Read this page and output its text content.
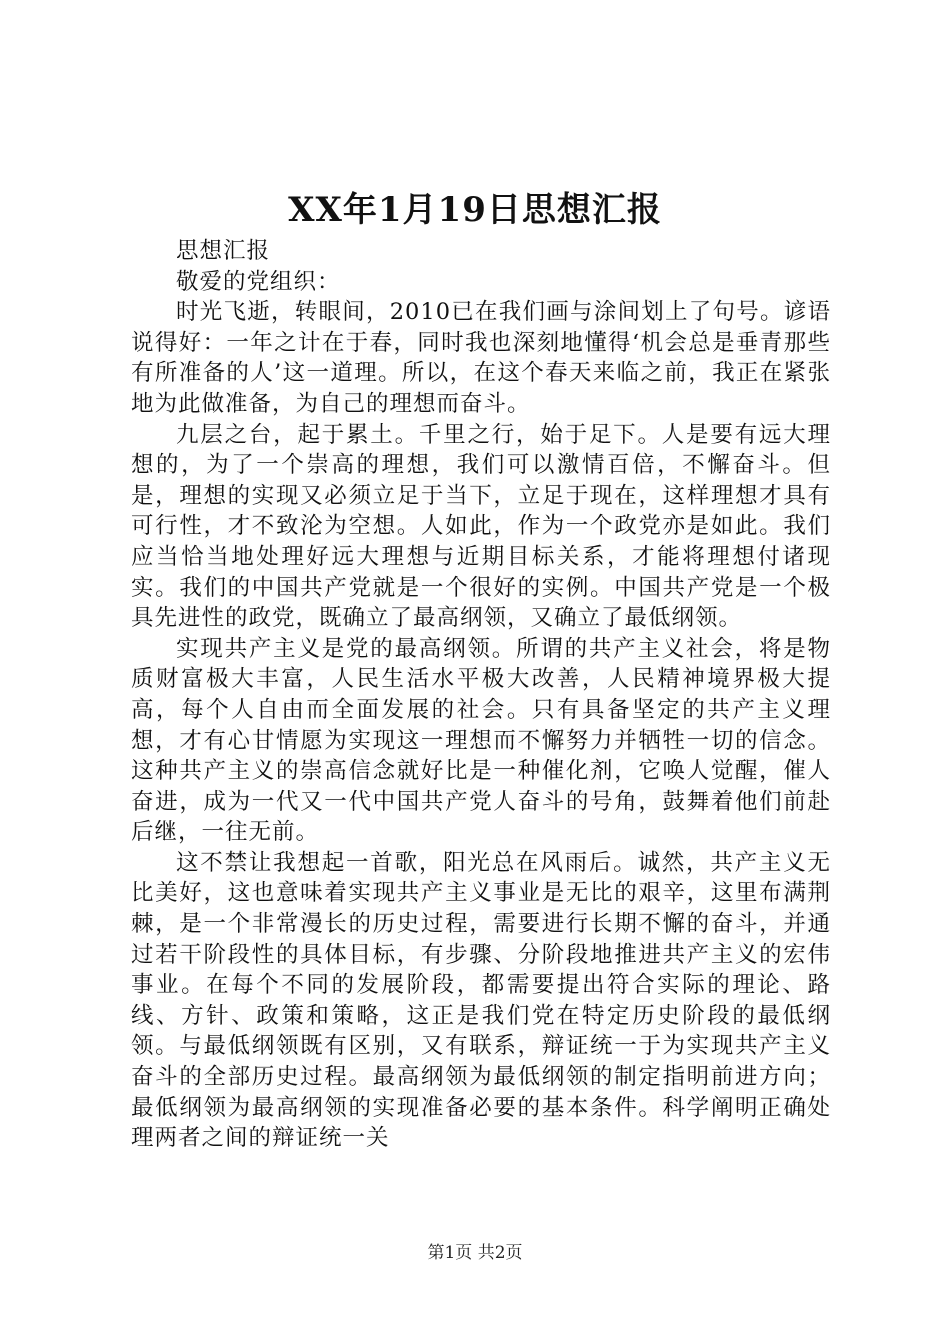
XX年1月19日思想汇报

思想汇报

敬爱的党组织：

时光飞逝，转眼间，2010已在我们画与涂间划上了句号。谚语说得好：一年之计在于春，同时我也深刻地懂得‘机会总是垂青那些有所准备的人’这一道理。所以，在这个春天来临之前，我正在紧张地为此做准备，为自己的理想而奋斗。

九层之台，起于累土。千里之行，始于足下。人是要有远大理想的，为了一个崇高的理想，我们可以激情百倍，不懈奋斗。但是，理想的实现又必须立足于当下，立足于现在，这样理想才具有可行性，才不致沦为空想。人如此，作为一个政党亦是如此。我们应当恰当地处理好远大理想与近期目标关系，才能将理想付诸现实。我们的中国共产党就是一个很好的实例。中国共产党是一个极具先进性的政党，既确立了最高纲领，又确立了最低纲领。

实现共产主义是党的最高纲领。所谓的共产主义社会，将是物质财富极大丰富，人民生活水平极大改善，人民精神境界极大提高，每个人自由而全面发展的社会。只有具备坚定的共产主义理想，才有心甘情愿为实现这一理想而不懈努力并牺牲一切的信念。这种共产主义的崇高信念就好比是一种催化剂，它唤人觉醒，催人奋进，成为一代又一代中国共产党人奋斗的号角，鼓舞着他们前赴后继，一往无前。

这不禁让我想起一首歌，阳光总在风雨后。诚然，共产主义无比美好，这也意味着实现共产主义事业是无比的艰辛，这里布满荆棘，是一个非常漫长的历史过程，需要进行长期不懈的奋斗，并通过若干阶段性的具体目标，有步骤、分阶段地推进共产主义的宏伟事业。在每个不同的发展阶段，都需要提出符合实际的理论、路线、方针、政策和策略，这正是我们党在特定历史阶段的最低纲领。与最低纲领既有区别，又有联系，辩证统一于为实现共产主义奋斗的全部历史过程。最高纲领为最低纲领的制定指明前进方向；最低纲领为最高纲领的实现准备必要的基本条件。科学阐明正确处理两者之间的辩证统一关

第1页 共2页
